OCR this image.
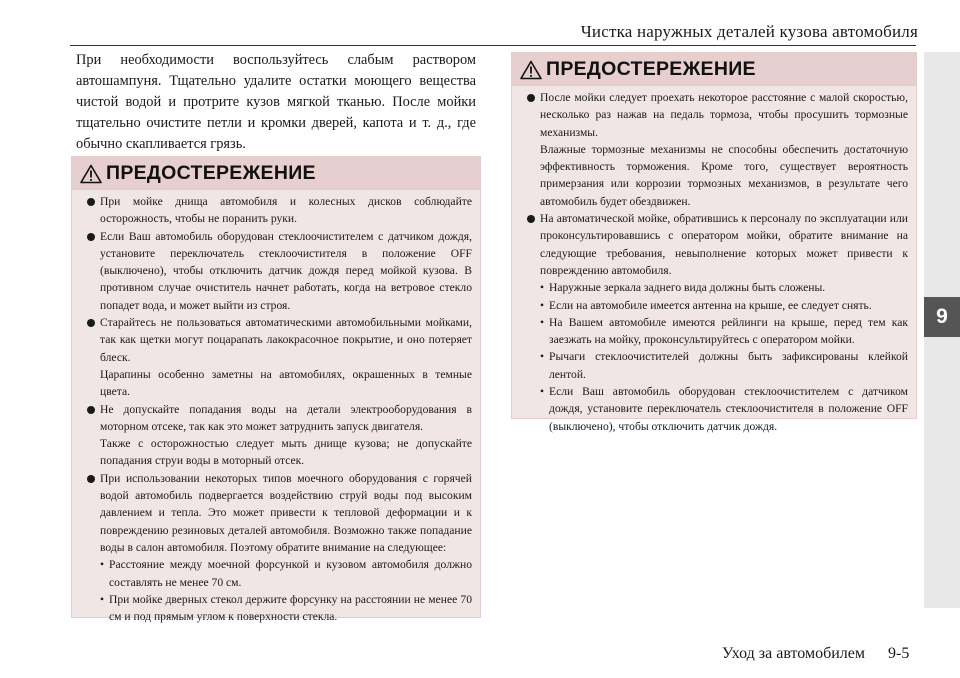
Чистка наружных деталей кузова автомобиля
9

При необходимости воспользуйтесь слабым раствором автошампуня. Тщательно удалите остатки моющего вещества чистой водой и протрите кузов мягкой тканью. После мойки тщательно очистите петли и кромки дверей, капота и т. д., где обычно скапливается грязь.

ПРЕДОСТЕРЕЖЕНИЕ

При мойке днища автомобиля и колесных дисков соблюдайте осторожность, чтобы не поранить руки.

Если Ваш автомобиль оборудован стеклоочистителем с датчиком дождя, установите переключатель стеклоочистителя в положение OFF (выключено), чтобы отключить датчик дождя перед мойкой кузова. В противном случае очиститель начнет работать, когда на ветровое стекло попадет вода, и может выйти из строя.

Старайтесь не пользоваться автоматическими автомобильными мойками, так как щетки могут поцарапать лакокрасочное покрытие, и оно потеряет блеск.

Царапины особенно заметны на автомобилях, окрашенных в темные цвета.

Не допускайте попадания воды на детали электрооборудования в моторном отсеке, так как это может затруднить запуск двигателя.

Также с осторожностью следует мыть днище кузова; не допускайте попадания струи воды в моторный отсек.

При использовании некоторых типов моечного оборудования с горячей водой автомобиль подвергается воздействию струй воды под высоким давлением и тепла. Это может привести к тепловой деформации и к повреждению резиновых деталей автомобиля. Возможно также попадание воды в салон автомобиля. Поэтому обратите внимание на следующее:

• Расстояние между моечной форсункой и кузовом автомобиля должно составлять не менее 70 см.

• При мойке дверных стекол держите форсунку на расстоянии не менее 70 см и под прямым углом к поверхности стекла.

ПРЕДОСТЕРЕЖЕНИЕ

После мойки следует проехать некоторое расстояние с малой скоростью, несколько раз нажав на педаль тормоза, чтобы просушить тормозные механизмы.

Влажные тормозные механизмы не способны обеспечить достаточную эффективность торможения. Кроме того, существует вероятность примерзания или коррозии тормозных механизмов, в результате чего автомобиль будет обездвижен.

На автоматической мойке, обратившись к персоналу по эксплуатации или проконсультировавшись с оператором мойки, обратите внимание на следующие требования, невыполнение которых может привести к повреждению автомобиля.

• Наружные зеркала заднего вида должны быть сложены.

• Если на автомобиле имеется антенна на крыше, ее следует снять.

• На Вашем автомобиле имеются рейлинги на крыше, перед тем как заезжать на мойку, проконсультируйтесь с оператором мойки.

• Рычаги стеклоочистителей должны быть зафиксированы клейкой лентой.

• Если Ваш автомобиль оборудован стеклоочистителем с датчиком дождя, установите переключатель стеклоочистителя в положение OFF (выключено), чтобы отключить датчик дождя.

Уход за автомобилем 9-5
